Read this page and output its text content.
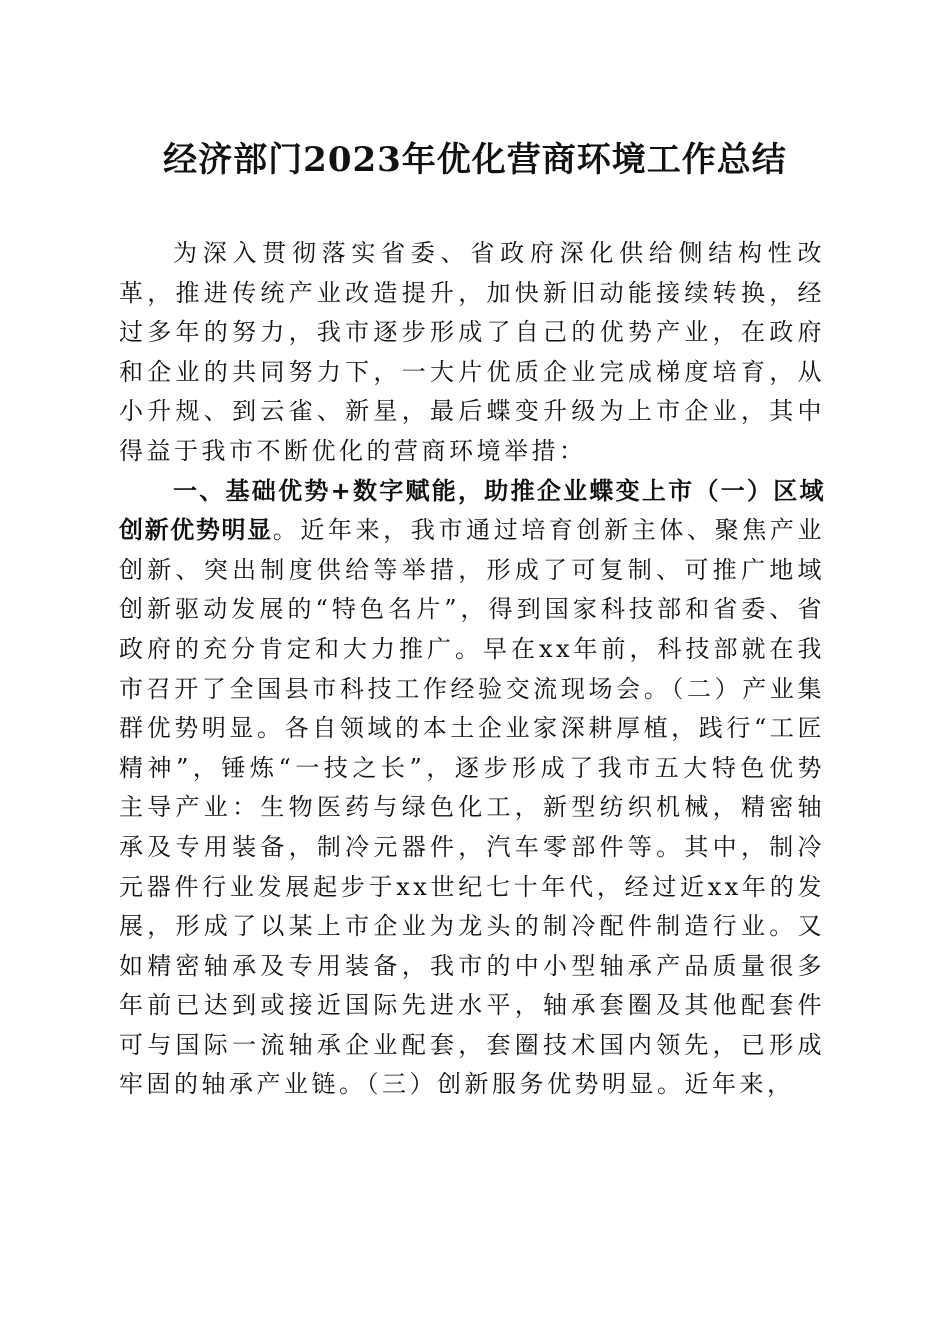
经济部门2023年优化营商环境工作总结

为深入贯彻落实省委、省政府深化供给侧结构性改革，推进传统产业改造提升，加快新旧动能接续转换，经过多年的努力，我市逐步形成了自己的优势产业，在政府和企业的共同努力下，一大片优质企业完成梯度培育，从小升规、到云雀、新星，最后蝶变升级为上市企业，其中得益于我市不断优化的营商环境举措：

一、基础优势+数字赋能，助推企业蝶变上市（一）区域创新优势明显。近年来，我市通过培育创新主体、聚焦产业创新、突出制度供给等举措，形成了可复制、可推广地域创新驱动发展的“特色名片”，得到国家科技部和省委、省政府的充分肯定和大力推广。早在xx年前，科技部就在我市召开了全国县市科技工作经验交流现场会。（二）产业集群优势明显。各自领域的本土企业家深耕厚植，践行“工匠精神”，锤炼“一技之长”，逐步形成了我市五大特色优势主导产业：生物医药与绿色化工，新型纺织机械，精密轴承及专用装备，制冷元器件，汽车零部件等。其中，制冷元器件行业发展起步于xx世纪七十年代，经过近xx年的发展，形成了以某上市企业为龙头的制冷配件制造行业。又如精密轴承及专用装备，我市的中小型轴承产品质量很多年前已达到或接近国际先进水平，轴承套圈及其他配套件可与国际一流轴承企业配套，套圈技术国内领先，已形成牢固的轴承产业链。（三）创新服务优势明显。近年来，
